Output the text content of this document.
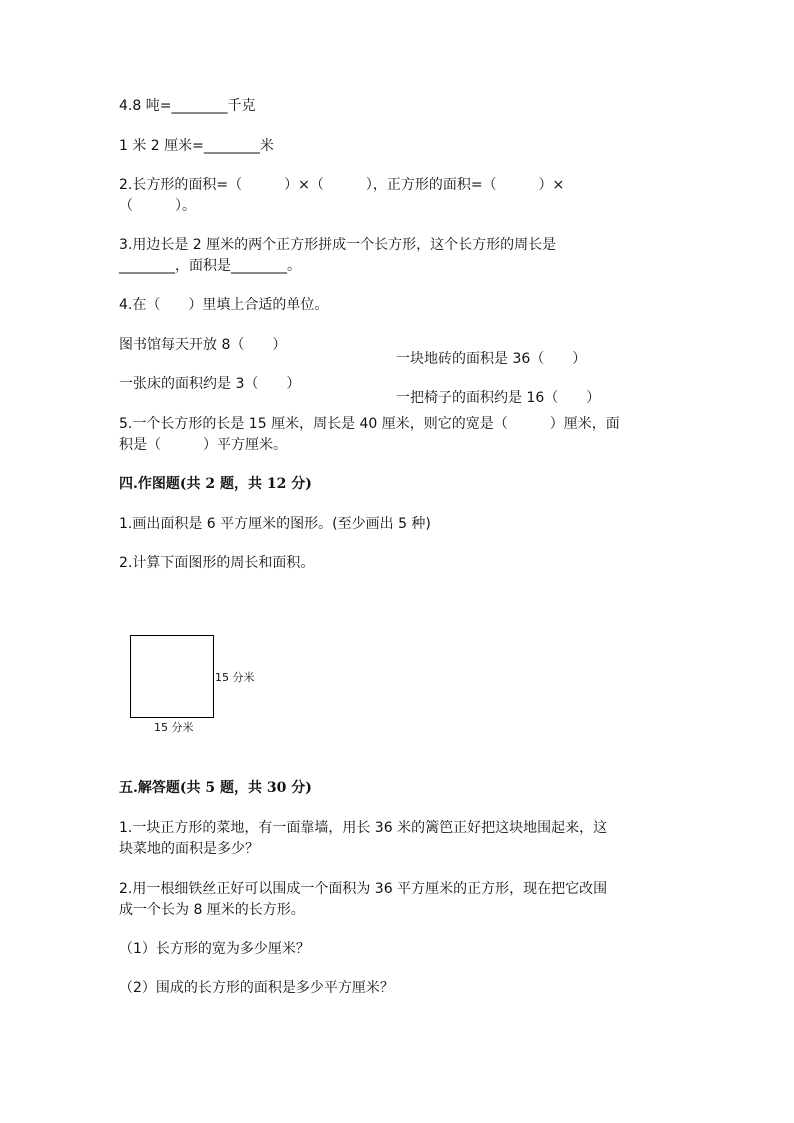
4.8 吨=________千克

1 米 2 厘米=________米

2.长方形的面积=（　　　）×（　　　），正方形的面积=（　　　）×

（　　　）。

3.用边长是 2 厘米的两个正方形拼成一个长方形，这个长方形的周长是

________，面积是________。

4.在（　　）里填上合适的单位。

图书馆每天开放 8（　　）

一块地砖的面积是 36（　　）

一张床的面积约是 3（　　）

一把椅子的面积约是 16（　　）

5.一个长方形的长是 15 厘米，周长是 40 厘米，则它的宽是（　　　）厘米，面

积是（　　　）平方厘米。

四.作图题(共 2 题，共 12 分)

1.画出面积是 6 平方厘米的图形。(至少画出 5 种)

2.计算下面图形的周长和面积。

15 分米
15 分米

五.解答题(共 5 题，共 30 分)

1.一块正方形的菜地，有一面靠墙，用长 36 米的篱笆正好把这块地围起来，这

块菜地的面积是多少？

2.用一根细铁丝正好可以围成一个面积为 36 平方厘米的正方形，现在把它改围

成一个长为 8 厘米的长方形。

（1）长方形的宽为多少厘米？

（2）围成的长方形的面积是多少平方厘米？
